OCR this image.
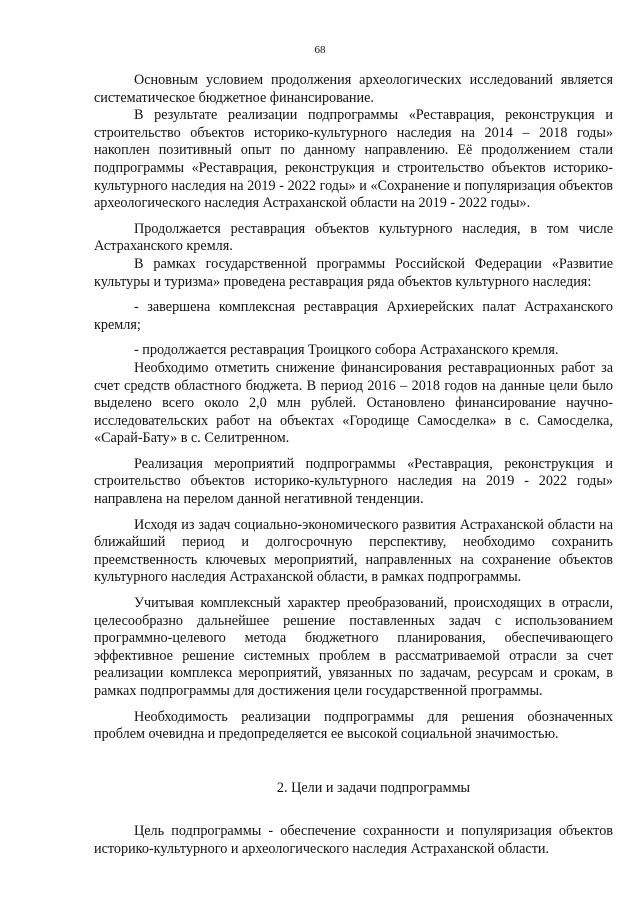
68

Основным условием продолжения археологических исследований является систематическое бюджетное финансирование.

В результате реализации подпрограммы «Реставрация, реконструкция и строительство объектов историко-культурного наследия на 2014 – 2018 годы» накоплен позитивный опыт по данному направлению. Её продолжением стали подпрограммы «Реставрация, реконструкция и строительство объектов историко-культурного наследия на 2019 - 2022 годы» и «Сохранение и популяризация объектов археологического наследия Астраханской области на 2019 - 2022 годы».

Продолжается реставрация объектов культурного наследия, в том числе Астраханского кремля.

В рамках государственной программы Российской Федерации «Развитие культуры и туризма» проведена реставрация ряда объектов культурного наследия:

- завершена комплексная реставрация Архиерейских палат Астраханского кремля;

- продолжается реставрация Троицкого собора Астраханского кремля.

Необходимо отметить снижение финансирования реставрационных работ за счет средств областного бюджета. В период 2016 – 2018 годов на данные цели было выделено всего около 2,0 млн рублей. Остановлено финансирование научно-исследовательских работ на объектах «Городище Самосделка» в с. Самосделка, «Сарай-Бату» в с. Селитренном.

Реализация мероприятий подпрограммы «Реставрация, реконструкция и строительство объектов историко-культурного наследия на 2019 - 2022 годы» направлена на перелом данной негативной тенденции.

Исходя из задач социально-экономического развития Астраханской области на ближайший период и долгосрочную перспективу, необходимо сохранить преемственность ключевых мероприятий, направленных на сохранение объектов культурного наследия Астраханской области, в рамках подпрограммы.

Учитывая комплексный характер преобразований, происходящих в отрасли, целесообразно дальнейшее решение поставленных задач с использованием программно-целевого метода бюджетного планирования, обеспечивающего эффективное решение системных проблем в рассматриваемой отрасли за счет реализации комплекса мероприятий, увязанных по задачам, ресурсам и срокам, в рамках подпрограммы для достижения цели государственной программы.

Необходимость реализации подпрограммы для решения обозначенных проблем очевидна и предопределяется ее высокой социальной значимостью.

2. Цели и задачи подпрограммы

Цель подпрограммы - обеспечение сохранности и популяризация объектов историко-культурного и археологического наследия Астраханской области.
